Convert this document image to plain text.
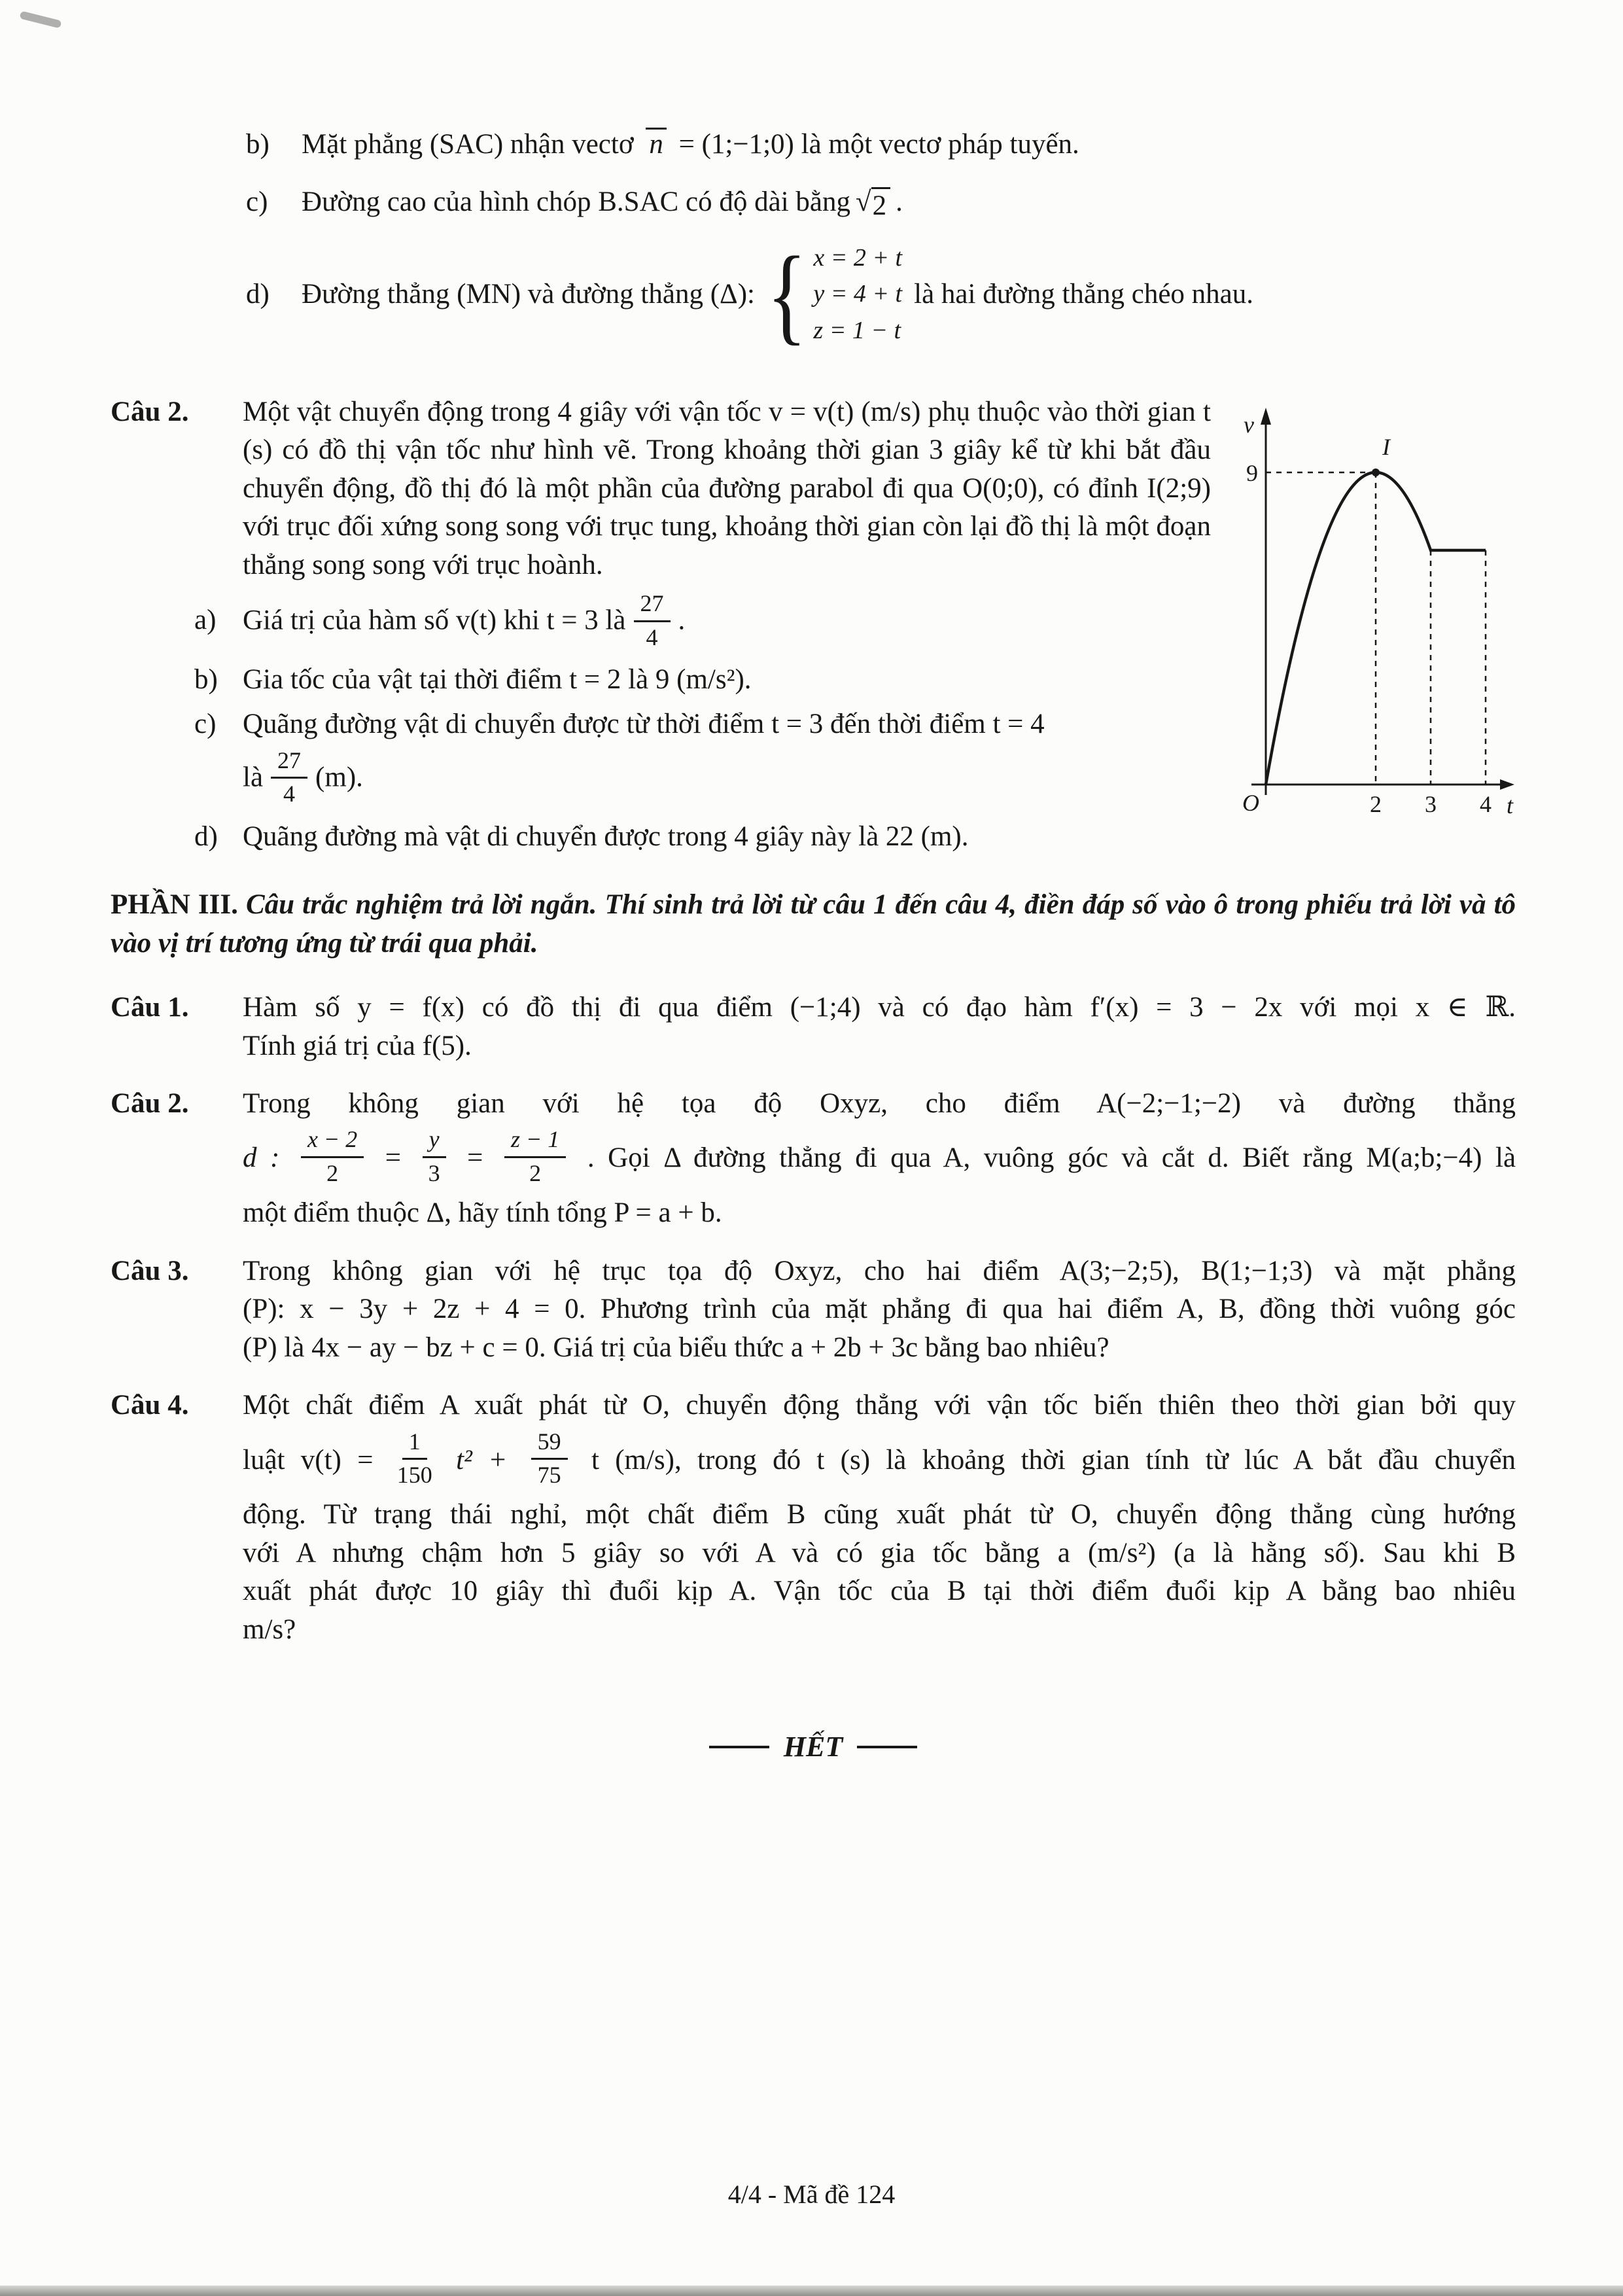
b) Mặt phẳng (SAC) nhận vectơ n = (1;−1;0) là một vectơ pháp tuyến.
c) Đường cao của hình chóp B.SAC có độ dài bằng √ 2 .
d)	Đường thẳng (MN) và đường thẳng (Δ): { x = 2 + t
y = 4 + t
z = 1 − t
là hai đường thẳng chéo nhau.
Câu 2.	v
t
O
9
I
2 3 4
Một vật chuyển động trong 4 giây với vận tốc v = v(t) (m/s) phụ thuộc vào thời gian t (s) có đồ thị vận tốc như hình vẽ. Trong khoảng thời gian 3 giây kể từ khi bắt đầu chuyển động, đồ thị đó là một phần của đường parabol đi qua O(0;0), có đỉnh I(2;9) với trục đối xứng song song với trục tung, khoảng thời gian còn lại đồ thị là một đoạn thẳng song song với trục hoành.
a) Giá trị của hàm số v(t) khi t = 3 là $\frac{27}{4}$ .
b) Gia tốc của vật tại thời điểm t = 2 là 9 (m/s²).
c) Quãng đường vật di chuyển được từ thời điểm t = 3 đến thời điểm t = 4
là $\frac{27}{4} (m)$.
d) Quãng đường mà vật di chuyển được trong 4 giây này là 22 (m).
PHẦN III. Câu trắc nghiệm trả lời ngắn. Thí sinh trả lời từ câu 1 đến câu 4, điền đáp số vào ô trong phiếu trả lời và tô vào vị trí tương ứng từ trái qua phải.
Câu 1. Hàm số y = f(x) có đồ thị đi qua điểm (−1;4) và có đạo hàm f′(x) = 3 − 2x với mọi x ∈ ℝ.
Tính giá trị của f(5).
Câu 2. Trong không gian với hệ tọa độ Oxyz, cho điểm A(−2;−1;−2) và đường thẳng
d : $\frac{x - 2}{2} = \frac{y}{3} = \frac{z - 1}{2}$ . Gọi Δ đường thẳng đi qua A, vuông góc và cắt d. Biết rằng M(a;b;−4) là
một điểm thuộc Δ, hãy tính tổng P = a + b.
Câu 3. Trong không gian với hệ trục tọa độ Oxyz, cho hai điểm A(3;−2;5), B(1;−1;3) và mặt phẳng
(P): x − 3y + 2z + 4 = 0. Phương trình của mặt phẳng đi qua hai điểm A, B, đồng thời vuông góc
(P) là 4x − ay − bz + c = 0. Giá trị của biểu thức a + 2b + 3c bằng bao nhiêu?
Câu 4. Một chất điểm A xuất phát từ O, chuyển động thẳng với vận tốc biến thiên theo thời gian bởi quy
luật $v(t) = \frac{1}{150} t^2 + \frac{59}{75}$ t (m/s), trong đó t (s) là khoảng thời gian tính từ lúc A bắt đầu chuyển
động. Từ trạng thái nghỉ, một chất điểm B cũng xuất phát từ O, chuyển động thẳng cùng hướng
với A nhưng chậm hơn 5 giây so với A và có gia tốc bằng a (m/s²) (a là hằng số). Sau khi B
xuất phát được 10 giây thì đuổi kịp A. Vận tốc của B tại thời điểm đuổi kịp A bằng bao nhiêu
m/s?
HẾT
4/4 - Mã đề 124
